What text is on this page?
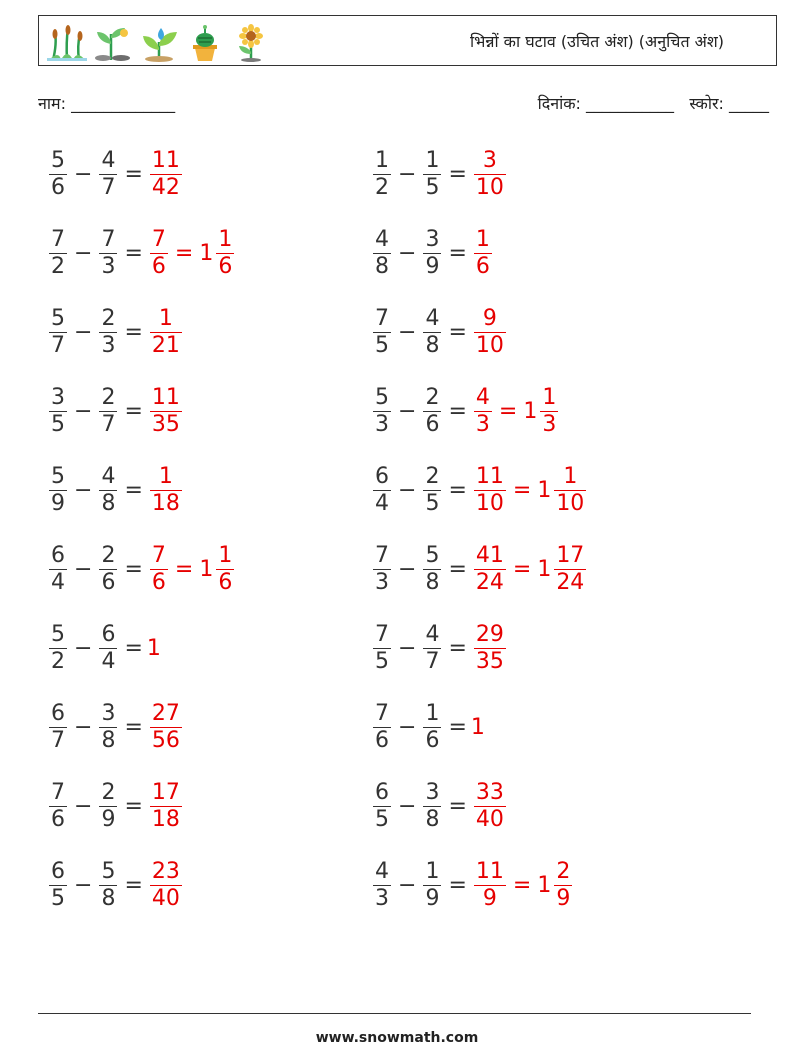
भिन्नों का घटाव (उचित अंश) (अनुचित अंश)
नाम: _____________	दिनांक: ___________ स्कोर: _____
$\frac{5}{6} - \frac{4}{7} = \frac{11}{42}$	$\frac{1}{2} - \frac{1}{5} = \frac{3}{10}$
$\frac{7}{2} - \frac{7}{3} = \frac{7}{6} = 1 \frac{1}{6}$	$\frac{4}{8} - \frac{3}{9} = \frac{1}{6}$
$\frac{5}{7} - \frac{2}{3} = \frac{1}{21}$	$\frac{7}{5} - \frac{4}{8} = \frac{9}{10}$
$\frac{3}{5} - \frac{2}{7} = \frac{11}{35}$	$\frac{5}{3} - \frac{2}{6} = \frac{4}{3} = 1 \frac{1}{3}$
$\frac{5}{9} - \frac{4}{8} = \frac{1}{18}$	$\frac{6}{4} - \frac{2}{5} = \frac{11}{10} = 1 \frac{1}{10}$
$\frac{6}{4} - \frac{2}{6} = \frac{7}{6} = 1 \frac{1}{6}$	$\frac{7}{3} - \frac{5}{8} = \frac{41}{24} = 1 \frac{17}{24}$
$\frac{5}{2} - \frac{6}{4} = 1$	$\frac{7}{5} - \frac{4}{7} = \frac{29}{35}$
$\frac{6}{7} - \frac{3}{8} = \frac{27}{56}$	$\frac{7}{6} - \frac{1}{6} = 1$
$\frac{7}{6} - \frac{2}{9} = \frac{17}{18}$	$\frac{6}{5} - \frac{3}{8} = \frac{33}{40}$
$\frac{6}{5} - \frac{5}{8} = \frac{23}{40}$	$\frac{4}{3} - \frac{1}{9} = \frac{11}{9} = 1 \frac{2}{9}$
www.snowmath.com
